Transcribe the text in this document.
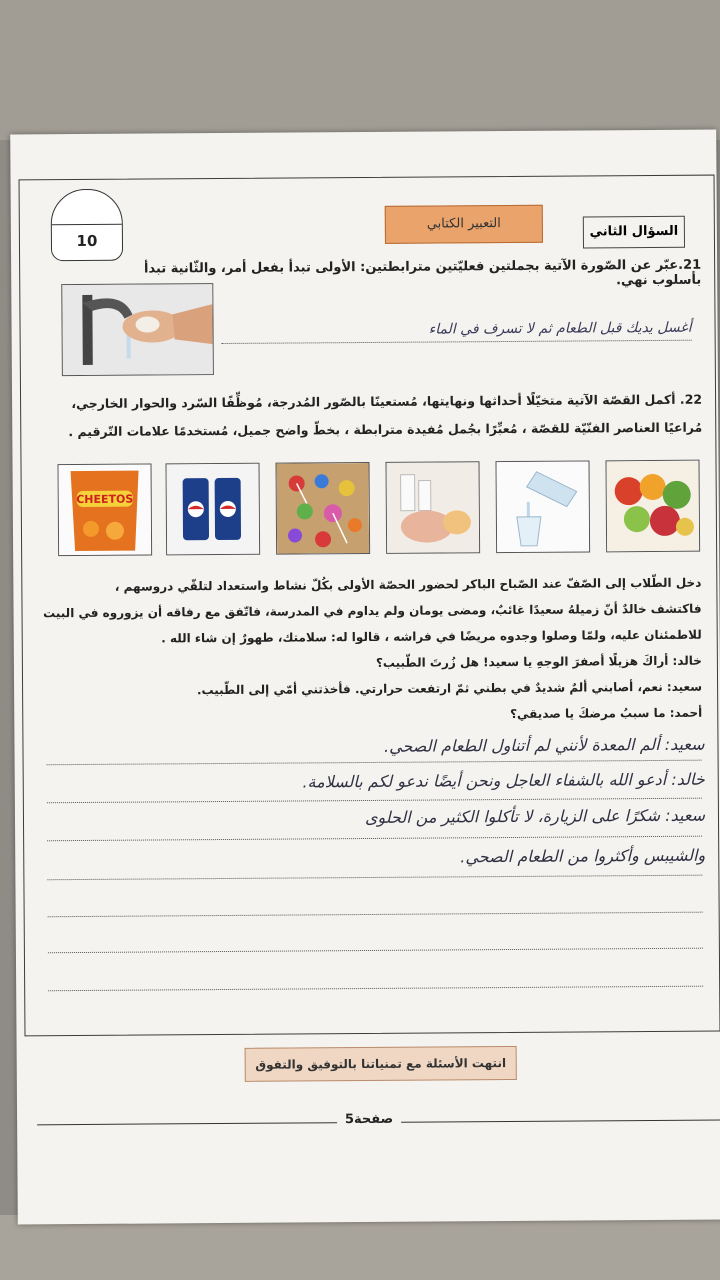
10
التعبير الكتابي
السؤال الثاني
21.عبّر عن الصّورة الآتية بجملتين فعليّتين مترابطتين: الأولى تبدأ بفعل أمر، والثّانية تبدأ بأسلوب نهي.
أغسل يديك قبل الطعام ثم لا تسرف في الماء
22. أكمل القصّة الآتية متخيّلًا أحداثها ونهايتها، مُستعينًا بالصّور المُدرجة، مُوظِّفًا السّرد والحوار الخارجي،
مُراعيًا العناصر الفنّيّة للقصّة ، مُعبِّرًا بجُمل مُفيدة مترابطة ، بخطّ واضح جميل، مُستخدمًا علامات التّرقيم .
CHEETOS
دخل الطّلاب إلى الصّفّ عند الصّباح الباكر لحضور الحصّة الأولى بكُلّ نشاط واستعداد لتلقّي دروسهم ،
فاكتشف خالدٌ أنّ زميلهُ سعيدًا غائبٌ، ومضى يومان ولم يداوم في المدرسة، فاتّفق مع رفاقه أن يزوروه في البيت
للاطمئنان عليه، ولمّا وصلوا وجدوه مريضًا في فراشه ، قالوا له: سلامتك، طهورٌ إن شاء الله .
خالد: أراكَ هزيلًا أصفرَ الوجهِ يا سعيد! هل زُرتَ الطّبيب؟
سعيد: نعم، أصابني ألمٌ شديدٌ في بطني ثمّ ارتفعت حرارتي. فأخذتني أمّي إلى الطّبيب.
أحمد: ما سببُ مرضكَ يا صديقي؟
سعيد: ألم المعدة لأنني لم أتناول الطعام الصحي.
خالد: أدعو الله بالشفاء العاجل ونحن أيضًا ندعو لكم بالسلامة.
سعيد: شكرًا على الزيارة، لا تأكلوا الكثير من الحلوى
والشيبس وأكثروا من الطعام الصحي.
انتهت الأسئلة مع تمنياتنا بالتوفيق والتفوق
صفحة5
